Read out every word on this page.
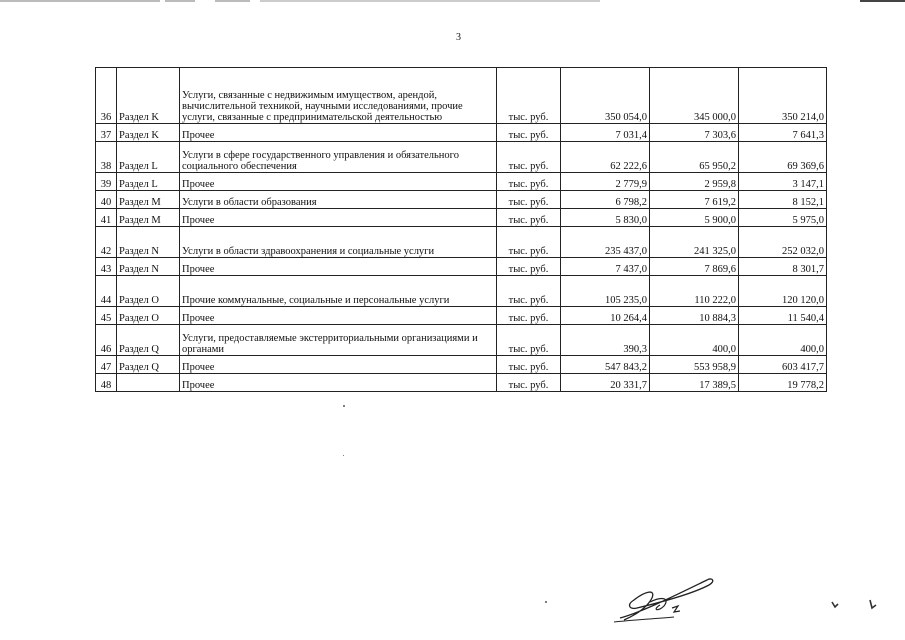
3
36	Раздел K	Услуги, связанные с недвижимым имуществом, арендой, вычислительной техникой, научными исследованиями, прочие услуги, связанные с предпринимательской деятельностью	тыс. руб.	350 054,0	345 000,0	350 214,0
37	Раздел K	Прочее	тыс. руб.	7 031,4	7 303,6	7 641,3
38	Раздел L	Услуги в сфере государственного управления и обязательного социального обеспечения	тыс. руб.	62 222,6	65 950,2	69 369,6
39	Раздел L	Прочее	тыс. руб.	2 779,9	2 959,8	3 147,1
40	Раздел М	Услуги в области образования	тыс. руб.	6 798,2	7 619,2	8 152,1
41	Раздел М	Прочее	тыс. руб.	5 830,0	5 900,0	5 975,0
42	Раздел N	Услуги в области здравоохранения и социальные услуги	тыс. руб.	235 437,0	241 325,0	252 032,0
43	Раздел N	Прочее	тыс. руб.	7 437,0	7 869,6	8 301,7
44	Раздел О	Прочие коммунальные, социальные и персональные услуги	тыс. руб.	105 235,0	110 222,0	120 120,0
45	Раздел О	Прочее	тыс. руб.	10 264,4	10 884,3	11 540,4
46	Раздел Q	Услуги, предоставляемые экстерриториальными организациями и органами	тыс. руб.	390,3	400,0	400,0
47	Раздел Q	Прочее	тыс. руб.	547 843,2	553 958,9	603 417,7
48		Прочее	тыс. руб.	20 331,7	17 389,5	19 778,2
